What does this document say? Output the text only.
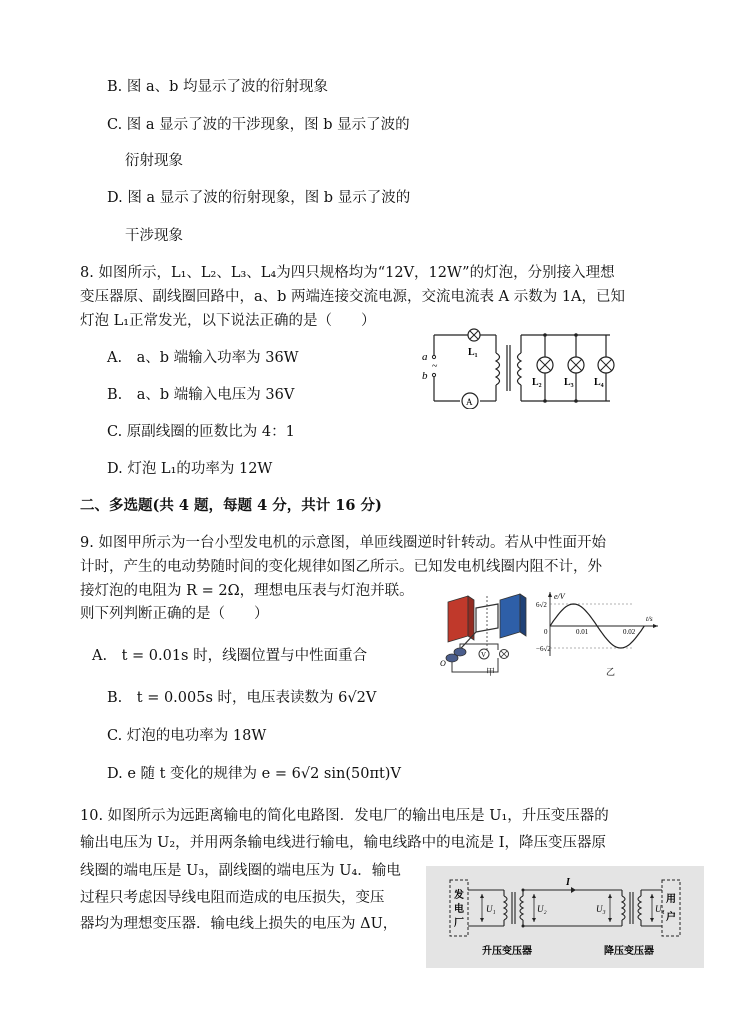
B. 图 a、b 均显示了波的衍射现象
C. 图 a 显示了波的干涉现象，图 b 显示了波的
衍射现象
D. 图 a 显示了波的衍射现象，图 b 显示了波的
干涉现象
8. 如图所示，L₁、L₂、L₃、L₄为四只规格均为“12V，12W”的灯泡，分别接入理想
变压器原、副线圈回路中，a、b 两端连接交流电源，交流电流表 A 示数为 1A，已知
灯泡 L₁正常发光，以下说法正确的是（　　）
A.　a、b 端输入功率为 36W
B.　a、b 端输入电压为 36V
C. 原副线圈的匝数比为 4：1
D. 灯泡 L₁的功率为 12W
a
b
~
L₁
L₂ L₃ L₄
A
二、多选题(共 4 题，每题 4 分，共计 16 分)
9. 如图甲所示为一台小型发电机的示意图，单匝线圈逆时针转动。若从中性面开始
计时，产生的电动势随时间的变化规律如图乙所示。已知发电机线圈内阻不计，外
接灯泡的电阻为 R = 2Ω，理想电压表与灯泡并联。
则下列判断正确的是（　　）
A.　t = 0.01s 时，线圈位置与中性面重合
B.　t = 0.005s 时，电压表读数为 6√2V
C. 灯泡的电功率为 18W
D. e 随 t 变化的规律为 e = 6√2 sin(50πt)V
V
O
甲
e/V
t/s
6√2
−6√2
0	0.01	0.02
乙
10. 如图所示为远距离输电的简化电路图．发电厂的输出电压是 U₁，升压变压器的
输出电压为 U₂，并用两条输电线进行输电，输电线路中的电流是 I，降压变压器原
线圈的端电压是 U₃，副线圈的端电压为 U₄．输电
过程只考虑因导线电阻而造成的电压损失，变压
器均为理想变压器．输电线上损失的电压为 ΔU，
发
电
厂
用
户
U₁	U₂	U₃	U₄
I
升压变压器	降压变压器
